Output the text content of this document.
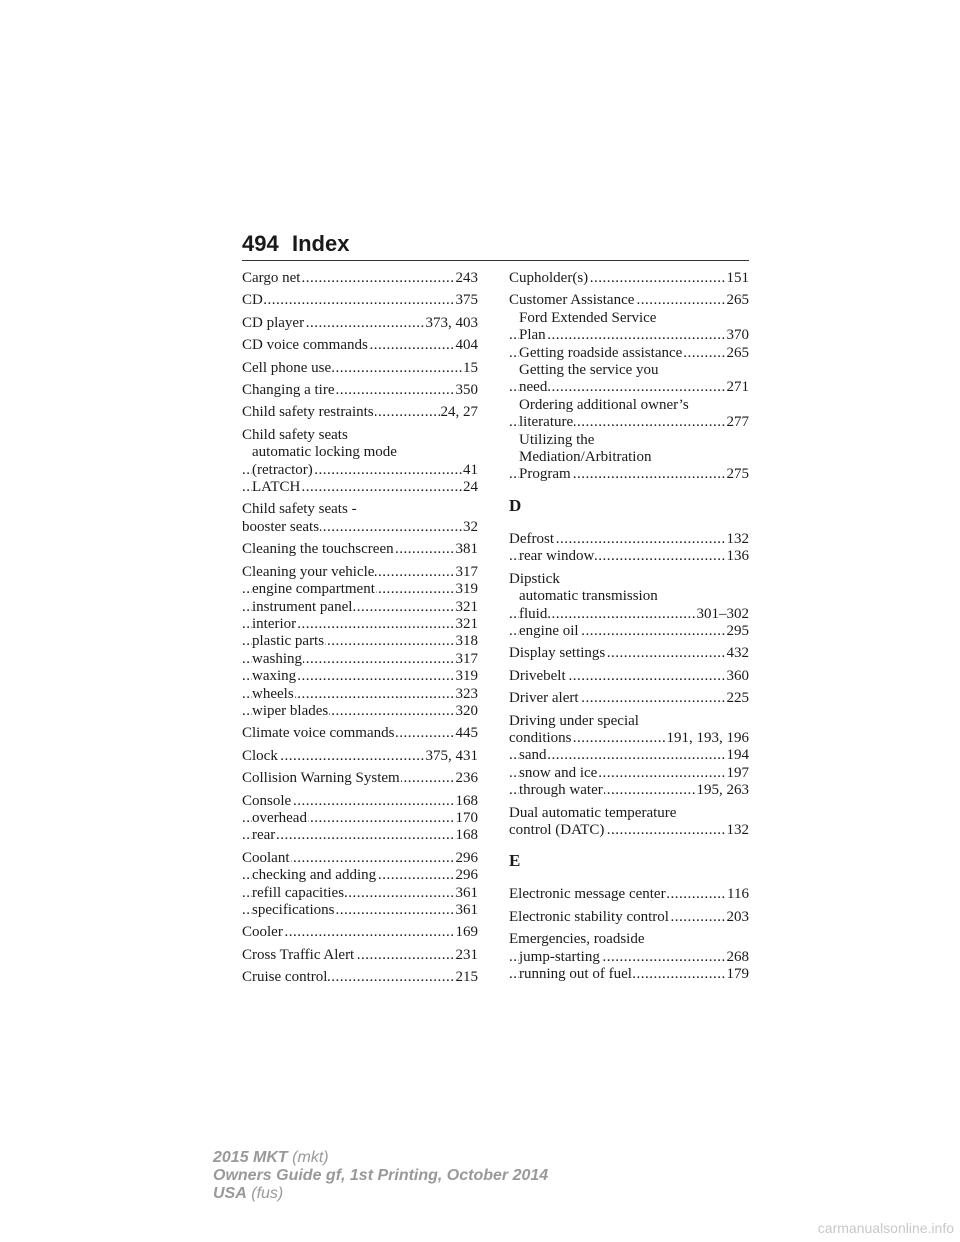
494 Index
Cargo net	243
.....
CD	375
.....
CD player	373, 403
.....
CD voice commands	404
.....
Cell phone use	15
.....
Changing a tire	350
.....
Child safety restraints	24, 27
.....
Child safety seats
automatic locking mode
(retractor)	41
.....
LATCH	24
.....
Child safety seats -
booster seats	32
.....
Cleaning the touchscreen	381
.....
Cleaning your vehicle	317
.....
engine compartment	319
.....
instrument panel	321
.....
interior	321
.....
plastic parts	318
.....
washing	317
.....
waxing	319
.....
wheels	323
.....
wiper blades	320
.....
Climate voice commands	445
.....
Clock	375, 431
.....
Collision Warning System	236
.....
Console	168
.....
overhead	170
.....
rear	168
.....
Coolant	296
.....
checking and adding	296
.....
refill capacities	361
.....
specifications	361
.....
Cooler	169
.....
Cross Traffic Alert	231
.....
Cruise control	215
.....
Cupholder(s)	151
.....
Customer Assistance	265
.....
Ford Extended Service
Plan	370
.....
Getting roadside assistance	265
.....
Getting the service you
need	271
.....
Ordering additional owner’s
literature	277
.....
Utilizing the
Mediation/Arbitration
Program	275
.....
D
Defrost	132
.....
rear window	136
.....
Dipstick
automatic transmission
fluid	301–302
.....
engine oil	295
.....
Display settings	432
.....
Drivebelt	360
.....
Driver alert	225
.....
Driving under special
conditions	191, 193, 196
.....
sand	194
.....
snow and ice	197
.....
through water	195, 263
.....
Dual automatic temperature
control (DATC)	132
.....
E
Electronic message center	116
.....
Electronic stability control	203
.....
Emergencies, roadside
jump-starting	268
.....
running out of fuel	179
.....
2015 MKT (mkt)
Owners Guide gf, 1st Printing, October 2014
USA (fus)
carmanualsonline.info
